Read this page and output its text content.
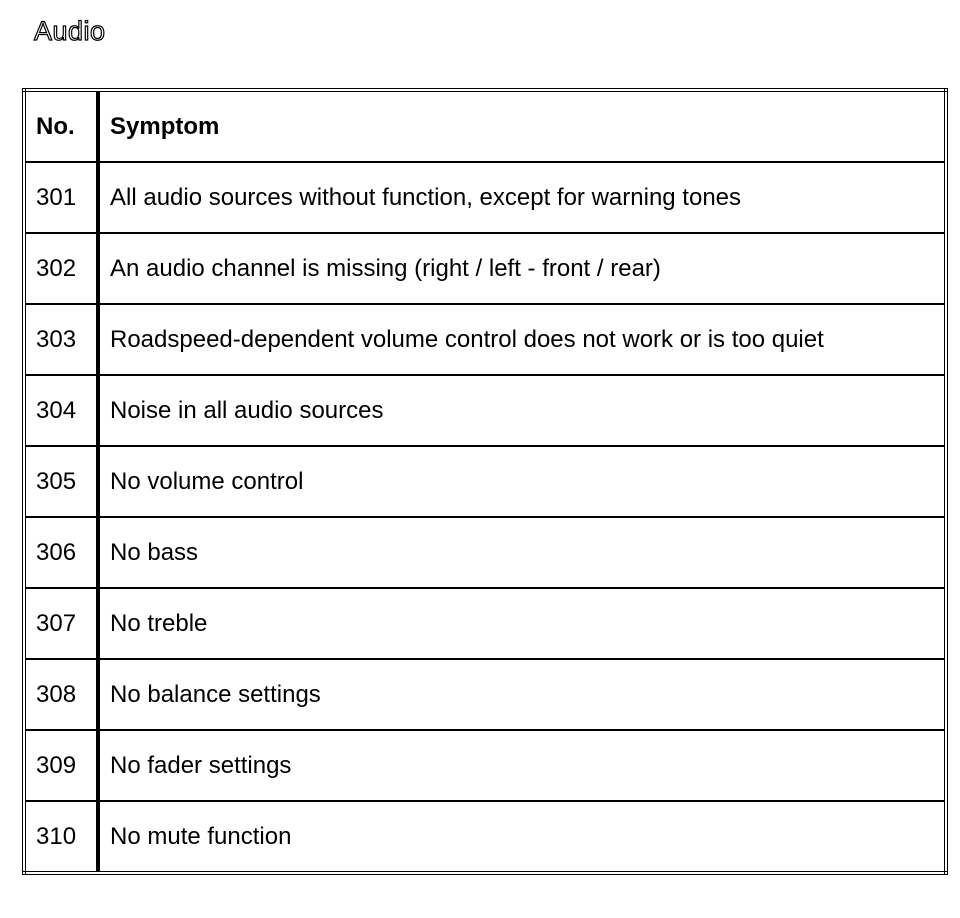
Audio
No.	Symptom
301	All audio sources without function, except for warning tones
302	An audio channel is missing (right / left - front / rear)
303	Roadspeed-dependent volume control does not work or is too quiet
304	Noise in all audio sources
305	No volume control
306	No bass
307	No treble
308	No balance settings
309	No fader settings
310	No mute function
